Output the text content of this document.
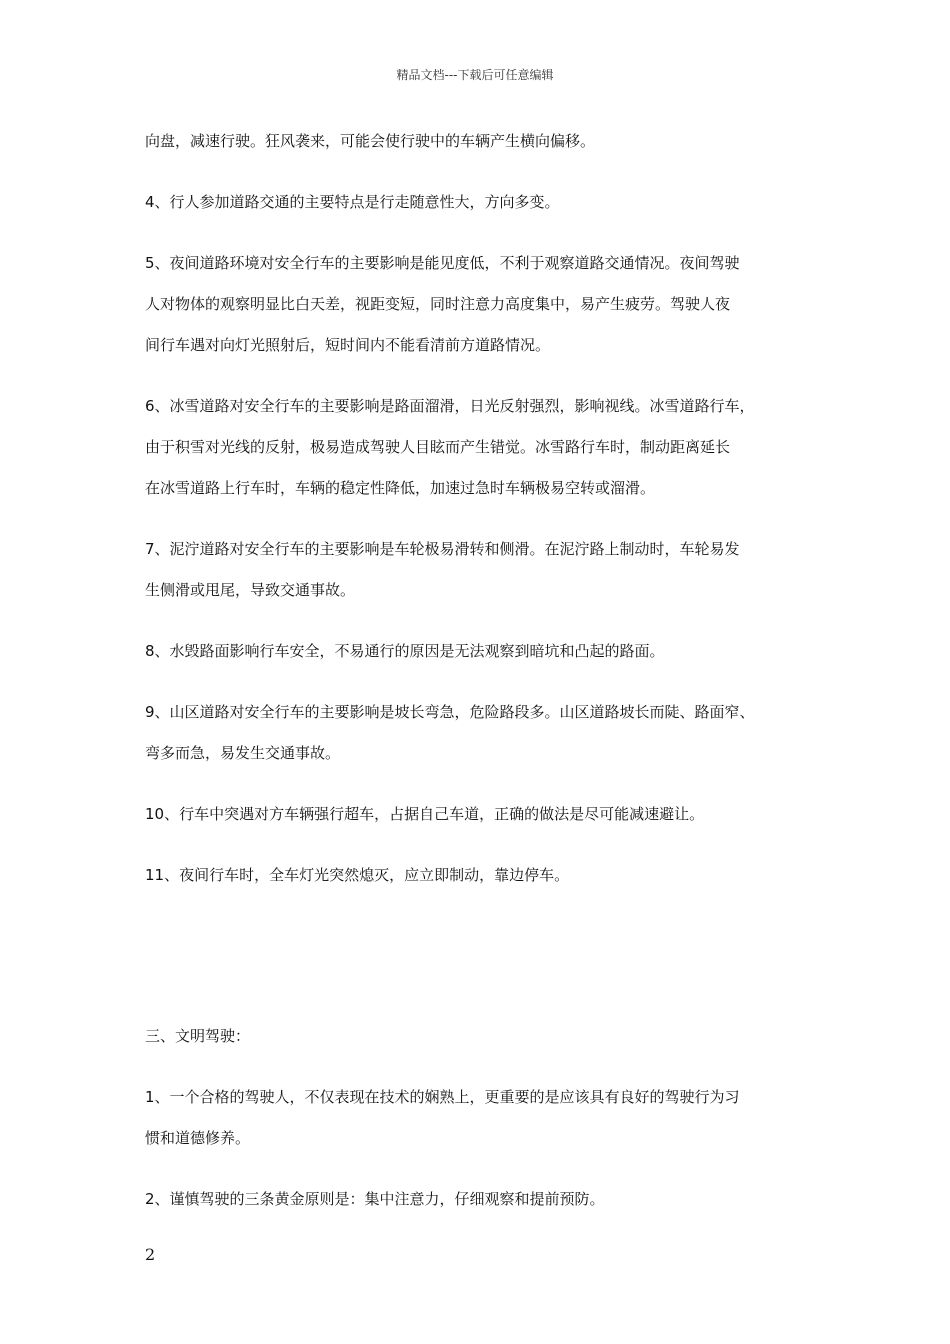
精品文档---下载后可任意编辑

向盘，减速行驶。狂风袭来，可能会使行驶中的车辆产生横向偏移。

4、行人参加道路交通的主要特点是行走随意性大，方向多变。

5、夜间道路环境对安全行车的主要影响是能见度低，不利于观察道路交通情况。夜间驾驶
人对物体的观察明显比白天差，视距变短，同时注意力高度集中，易产生疲劳。驾驶人夜
间行车遇对向灯光照射后，短时间内不能看清前方道路情况。

6、冰雪道路对安全行车的主要影响是路面溜滑，日光反射强烈，影响视线。冰雪道路行车，
由于积雪对光线的反射，极易造成驾驶人目眩而产生错觉。冰雪路行车时，制动距离延长
在冰雪道路上行车时，车辆的稳定性降低，加速过急时车辆极易空转或溜滑。

7、泥泞道路对安全行车的主要影响是车轮极易滑转和侧滑。在泥泞路上制动时，车轮易发
生侧滑或甩尾，导致交通事故。

8、水毁路面影响行车安全，不易通行的原因是无法观察到暗坑和凸起的路面。

9、山区道路对安全行车的主要影响是坡长弯急，危险路段多。山区道路坡长而陡、路面窄、
弯多而急，易发生交通事故。

10、行车中突遇对方车辆强行超车，占据自己车道，正确的做法是尽可能减速避让。

11、夜间行车时，全车灯光突然熄灭，应立即制动，靠边停车。

三、文明驾驶：

1、一个合格的驾驶人，不仅表现在技术的娴熟上，更重要的是应该具有良好的驾驶行为习
惯和道德修养。

2、谨慎驾驶的三条黄金原则是：集中注意力，仔细观察和提前预防。

2
